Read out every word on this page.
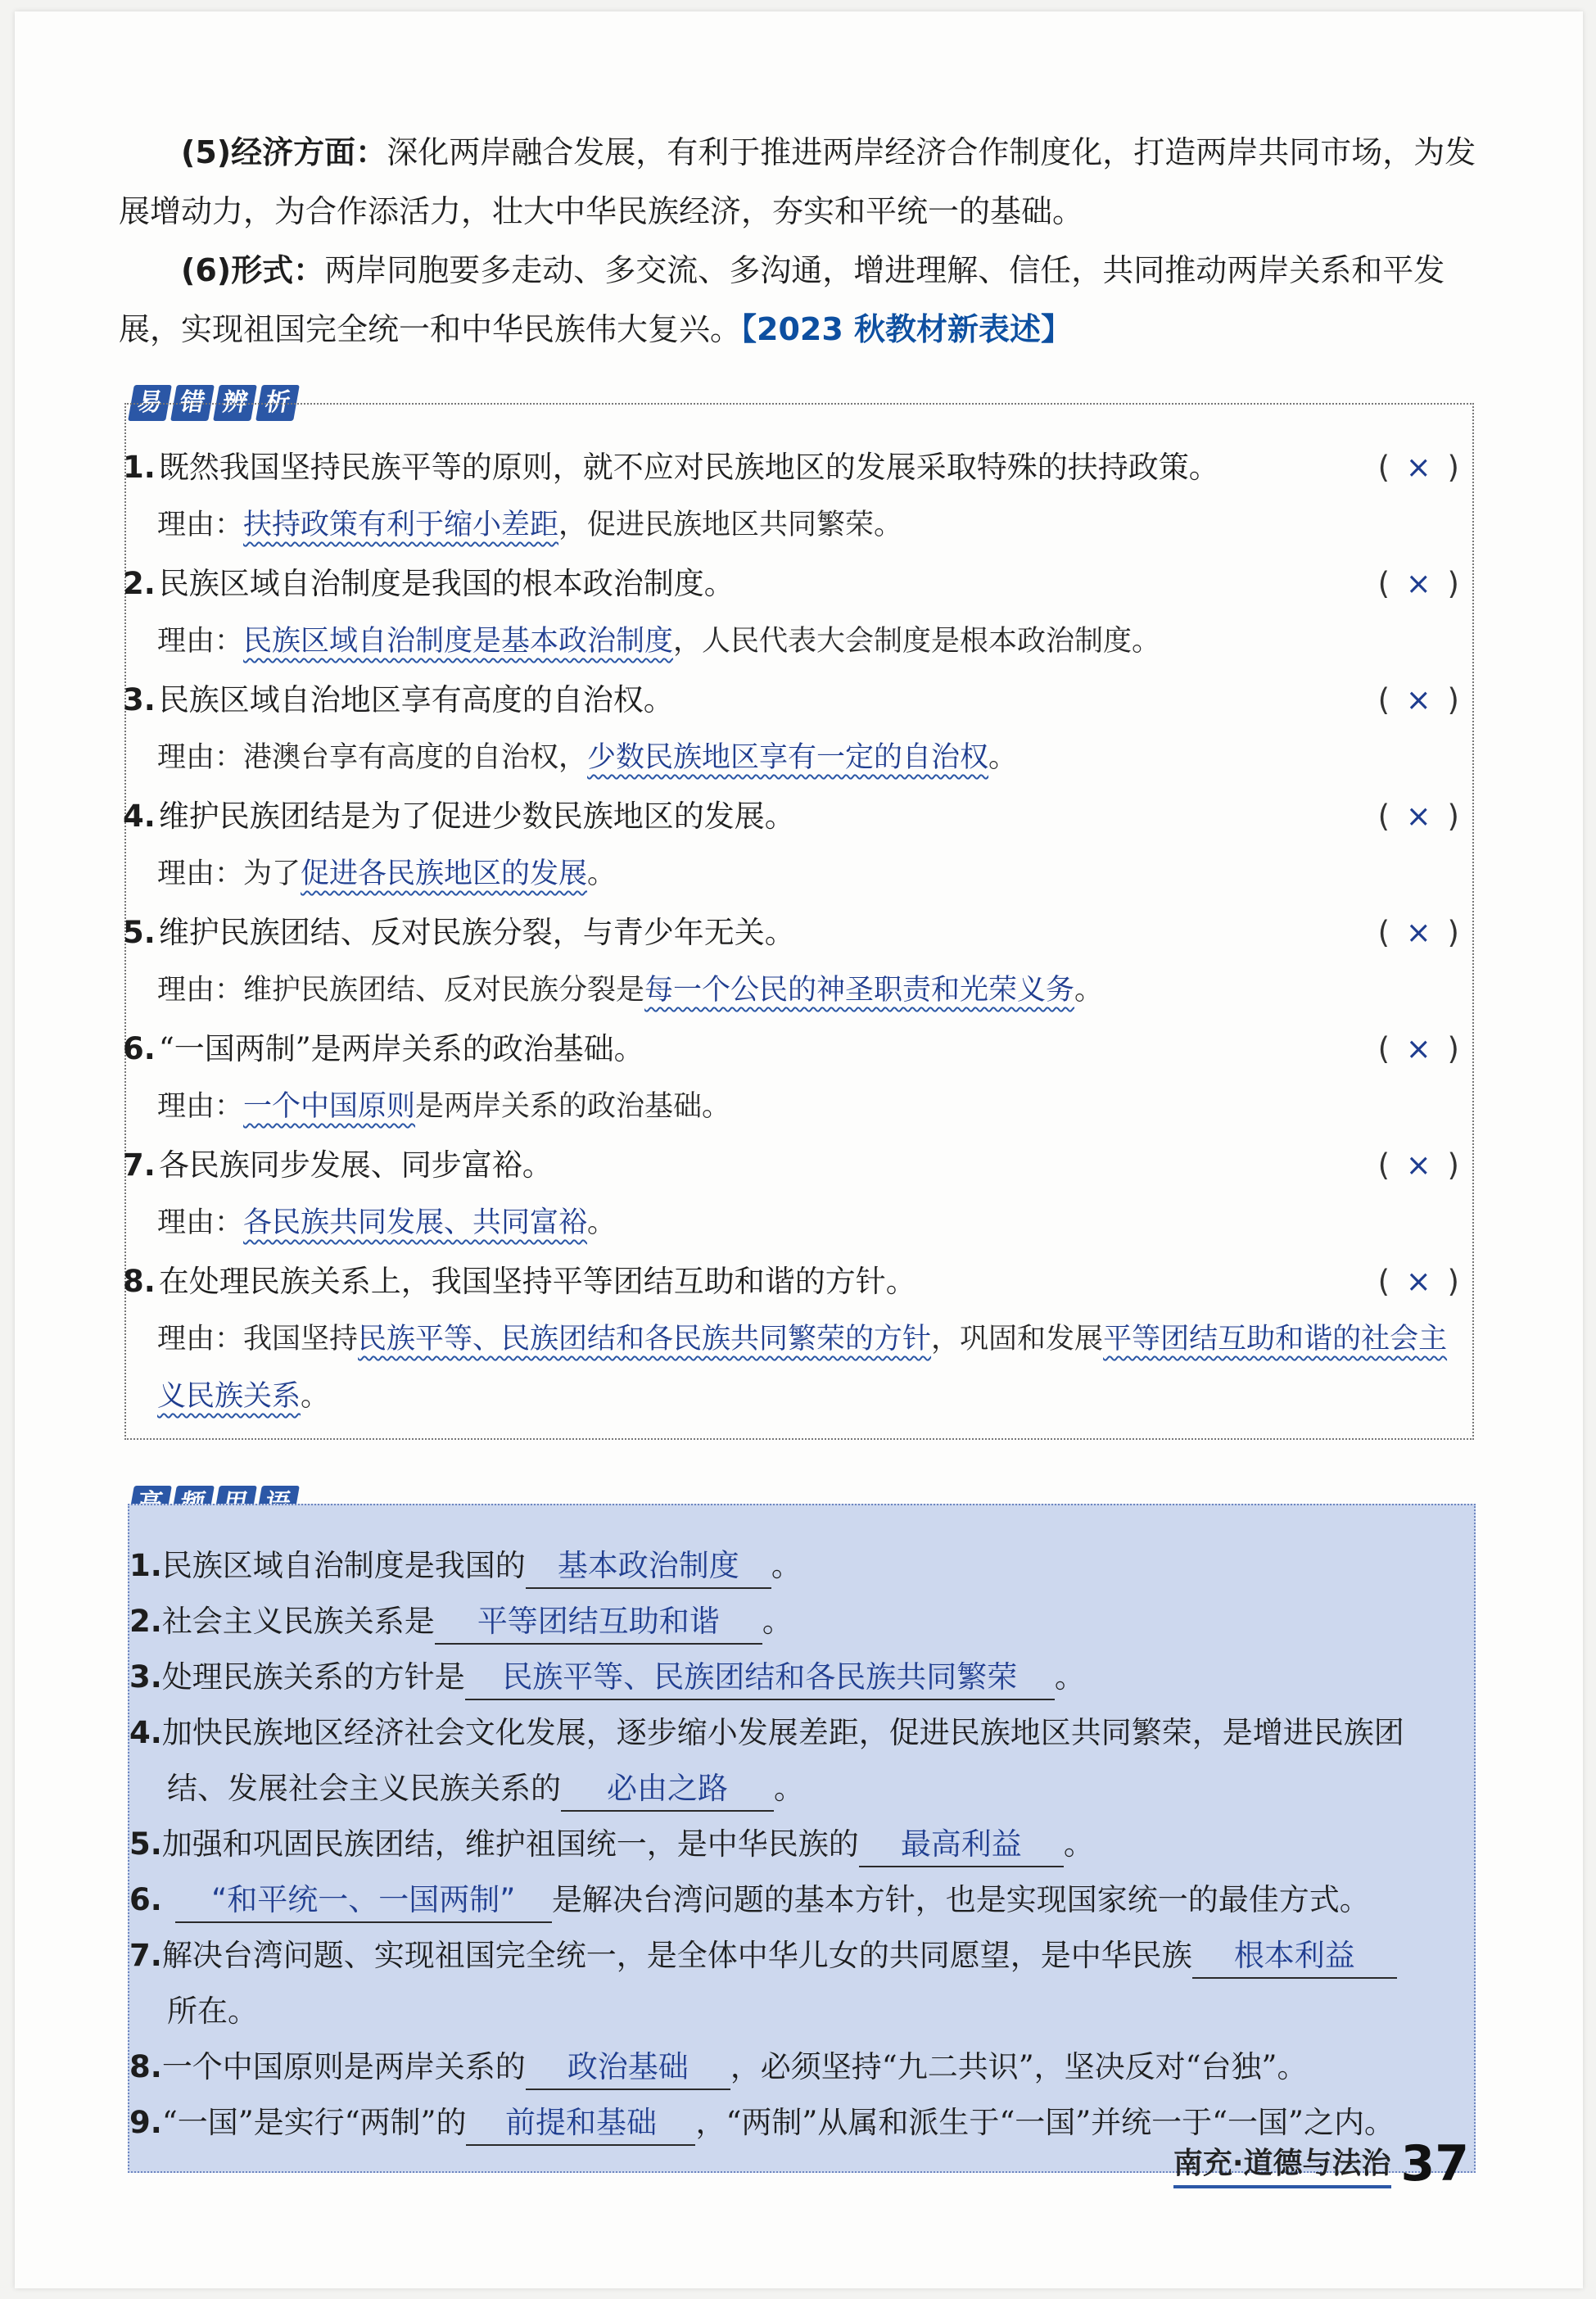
(5)经济方面：深化两岸融合发展，有利于推进两岸经济合作制度化，打造两岸共同市场，为发展增动力，为合作添活力，壮大中华民族经济，夯实和平统一的基础。

(6)形式：两岸同胞要多走动、多交流、多沟通，增进理解、信任，共同推动两岸关系和平发展，实现祖国完全统一和中华民族伟大复兴。【2023 秋教材新表述】

易 错 辨 析
1. 既然我国坚持民族平等的原则，就不应对民族地区的发展采取特殊的扶持政策。	( × )
理由：扶持政策有利于缩小差距，促进民族地区共同繁荣。
2. 民族区域自治制度是我国的根本政治制度。	( × )
理由：民族区域自治制度是基本政治制度，人民代表大会制度是根本政治制度。
3. 民族区域自治地区享有高度的自治权。	( × )
理由：港澳台享有高度的自治权，少数民族地区享有一定的自治权。
4. 维护民族团结是为了促进少数民族地区的发展。	( × )
理由：为了促进各民族地区的发展。
5. 维护民族团结、反对民族分裂，与青少年无关。	( × )
理由：维护民族团结、反对民族分裂是每一个公民的神圣职责和光荣义务。
6. “一国两制”是两岸关系的政治基础。	( × )
理由：一个中国原则是两岸关系的政治基础。
7. 各民族同步发展、同步富裕。	( × )
理由：各民族共同发展、共同富裕。
8. 在处理民族关系上，我国坚持平等团结互助和谐的方针。	( × )
理由：我国坚持民族平等、民族团结和各民族共同繁荣的方针，巩固和发展平等团结互助和谐的社会主义民族关系。
1.民族区域自治制度是我国的 基本政治制度 。
2.社会主义民族关系是 平等团结互助和谐 。
3.处理民族关系的方针是 民族平等、民族团结和各民族共同繁荣 。
4.加快民族地区经济社会文化发展，逐步缩小发展差距，促进民族地区共同繁荣，是增进民族团
结、发展社会主义民族关系的 必由之路 。
5.加强和巩固民族团结，维护祖国统一，是中华民族的 最高利益 。
6. “和平统一、一国两制” 是解决台湾问题的基本方针，也是实现国家统一的最佳方式。
7.解决台湾问题、实现祖国完全统一，是全体中华儿女的共同愿望，是中华民族 根本利益
所在。
8.一个中国原则是两岸关系的 政治基础 ，必须坚持“九二共识”，坚决反对“台独”。
9.“一国”是实行“两制”的 前提和基础 ，“两制”从属和派生于“一国”并统一于“一国”之内。
南充·道德与法治 37
